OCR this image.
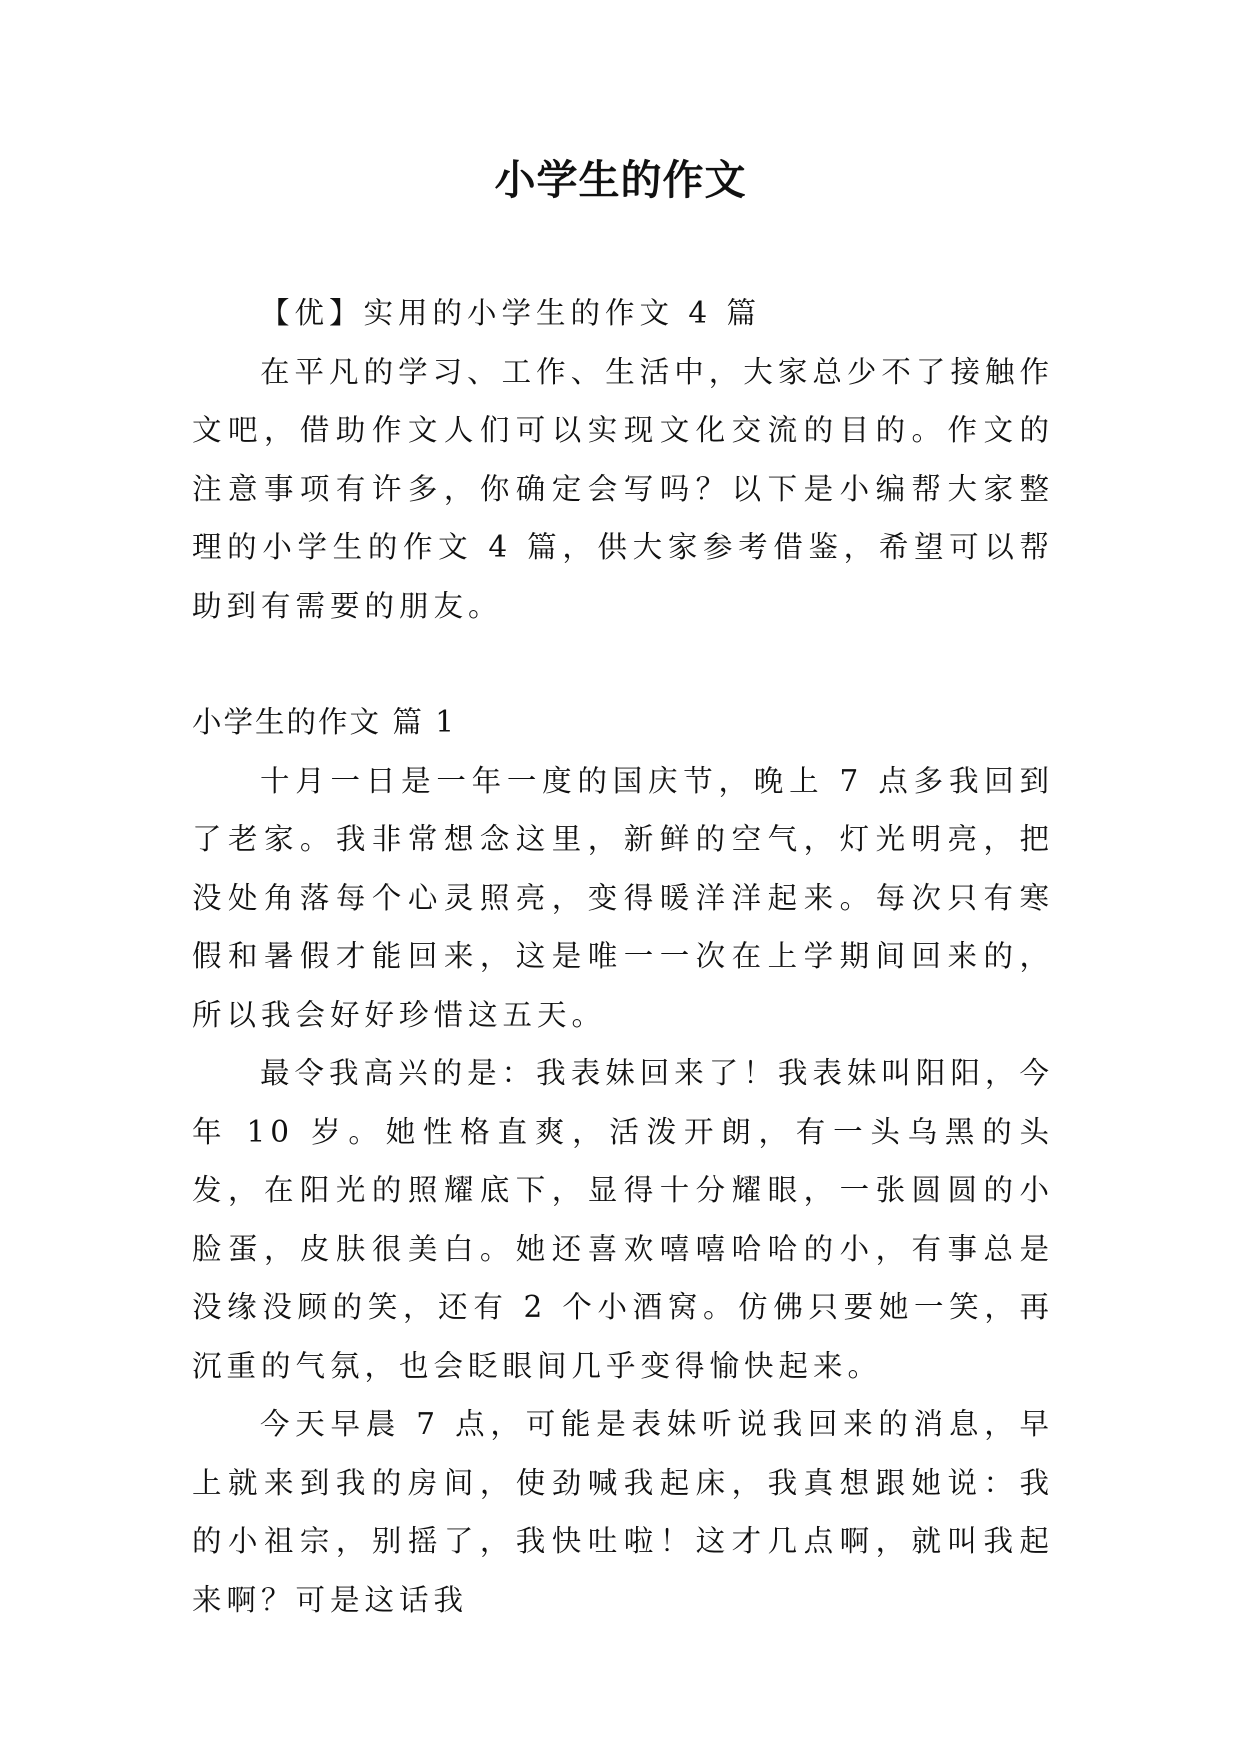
小学生的作文

【优】实用的小学生的作文 4 篇

在平凡的学习、工作、生活中，大家总少不了接触作文吧，借助作文人们可以实现文化交流的目的。作文的注意事项有许多，你确定会写吗？以下是小编帮大家整理的小学生的作文 4 篇，供大家参考借鉴，希望可以帮助到有需要的朋友。

小学生的作文 篇 1

十月一日是一年一度的国庆节，晚上 7 点多我回到了老家。我非常想念这里，新鲜的空气，灯光明亮，把没处角落每个心灵照亮，变得暖洋洋起来。每次只有寒假和暑假才能回来，这是唯一一次在上学期间回来的，所以我会好好珍惜这五天。

最令我高兴的是：我表妹回来了！我表妹叫阳阳，今年 10 岁。她性格直爽，活泼开朗，有一头乌黑的头发，在阳光的照耀底下，显得十分耀眼，一张圆圆的小脸蛋，皮肤很美白。她还喜欢嘻嘻哈哈的小，有事总是没缘没顾的笑，还有 2 个小酒窝。仿佛只要她一笑，再沉重的气氛，也会眨眼间几乎变得愉快起来。

今天早晨 7 点，可能是表妹听说我回来的消息，早上就来到我的房间，使劲喊我起床，我真想跟她说：我的小祖宗，别摇了，我快吐啦！这才几点啊，就叫我起来啊？可是这话我
